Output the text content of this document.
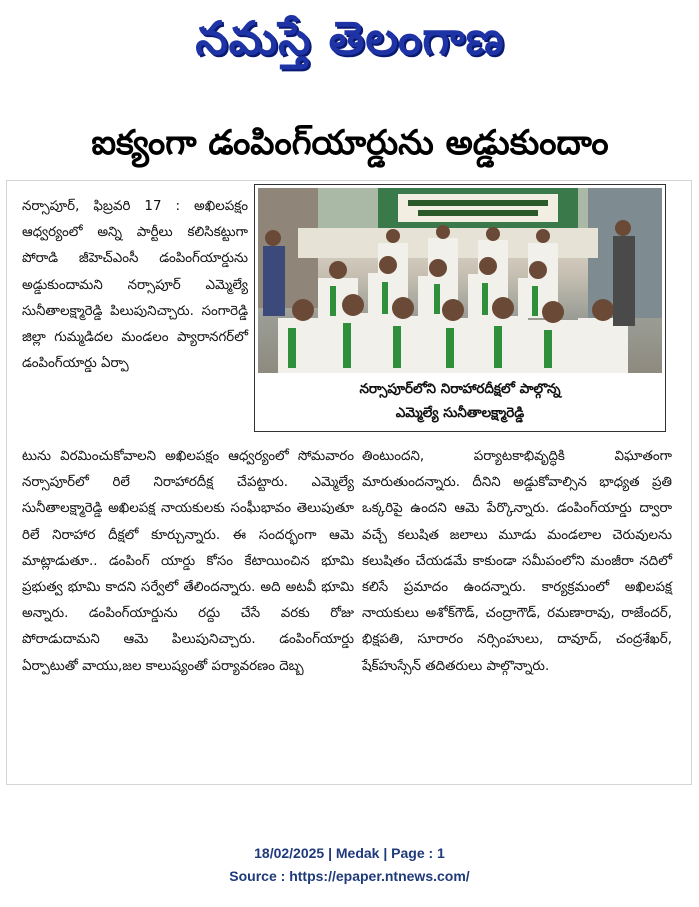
నమస్తే తెలంగాణ
ఐక్యంగా డంపింగ్‌యార్డును అడ్డుకుందాం
నర్సాపూర్‌లోని నిరాహారదీక్షలో పాల్గొన్న
ఎమ్మెల్యే సునీతాలక్ష్మారెడ్డి

నర్సాపూర్, ఫిబ్రవరి 17 : అఖిలపక్షం ఆధ్వర్యంలో అన్ని పార్టీలు కలిసికట్టుగా పోరాడి జీహెచ్‌ఎంసీ డంపింగ్‌యార్డును అడ్డుకుందామని నర్సాపూర్ ఎమ్మెల్యే సునీతాలక్ష్మారెడ్డి పిలుపునిచ్చారు. సంగారెడ్డి జిల్లా గుమ్మడిదల మండలం ప్యారానగర్‌లో డంపింగ్‌యార్డు ఏర్పా

టును విరమించుకోవాలని అఖిలపక్షం ఆధ్వర్యంలో సోమవారం నర్సాపూర్‌లో రిలే నిరాహారదీక్ష చేపట్టారు. ఎమ్మెల్యే సునీతాలక్ష్మారెడ్డి అఖిలపక్ష నాయకులకు సంఘీభావం తెలుపుతూ రిలే నిరాహార దీక్షలో కూర్చున్నారు. ఈ సందర్భంగా ఆమె మాట్లాడుతూ.. డంపింగ్ యార్డు కోసం కేటాయించిన భూమి ప్రభుత్వ భూమి కాదని సర్వేలో తేలిందన్నారు. అది అటవీ భూమి అన్నారు. డంపింగ్‌యార్డును రద్దు చేసే వరకు రోజు పోరాడుదామని ఆమె పిలుపునిచ్చారు. డంపింగ్‌యార్డు ఏర్పాటుతో వాయు,జల కాలుష్యంతో పర్యావరణం దెబ్బ

తింటుందని, పర్యాటకాభివృద్ధికి విఘాతంగా మారుతుందన్నారు. దీనిని అడ్డుకోవాల్సిన భాధ్యత ప్రతి ఒక్కరిపై ఉందని ఆమె పేర్కొన్నారు. డంపింగ్‌యార్డు ద్వారా వచ్చే కలుషిత జలాలు మూడు మండలాల చెరువులను కలుషితం చేయడమే కాకుండా సమీపంలోని మంజీరా నదిలో కలిసే ప్రమాదం ఉందన్నారు. కార్యక్రమంలో అఖిలపక్ష నాయకులు అశోక్‌గౌడ్, చంద్రాగౌడ్, రమణారావు, రాజేందర్, భిక్షపతి, సూరారం నర్సింహులు, దావూద్, చంద్రశేఖర్, షేక్‌హుస్సేన్ తదితరులు పాల్గొన్నారు.

18/02/2025 | Medak | Page : 1
Source : https://epaper.ntnews.com/
